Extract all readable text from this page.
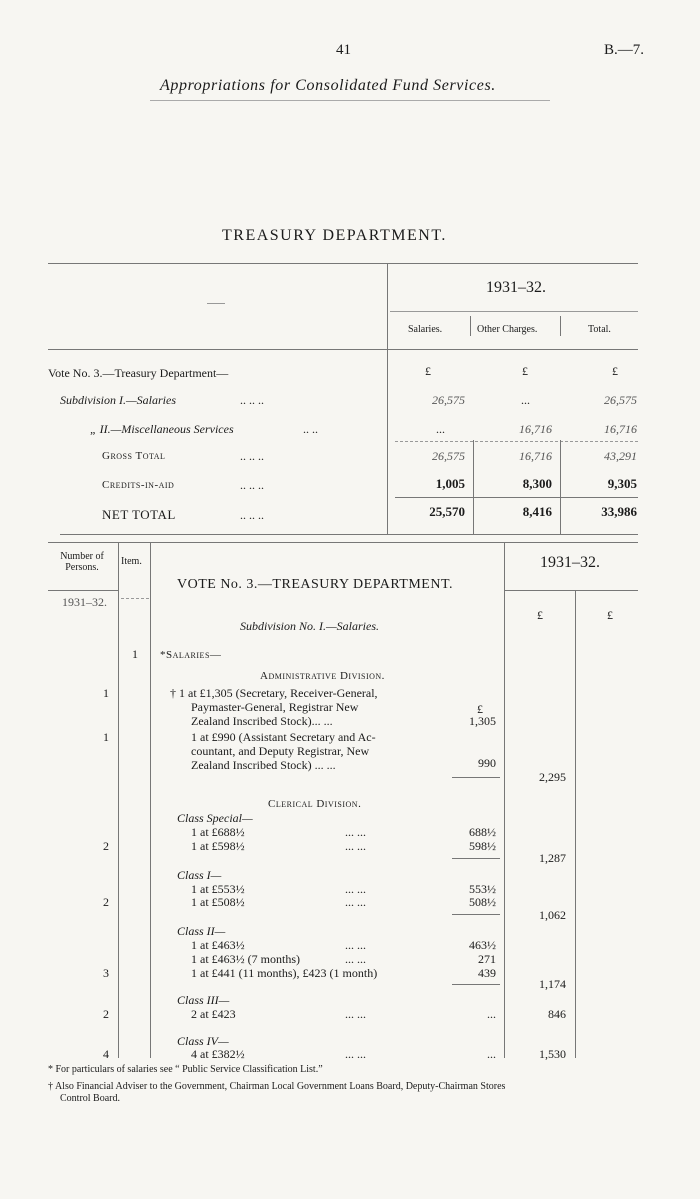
41	B.—7.
Appropriations for Consolidated Fund Services.
TREASURY DEPARTMENT.
1931–32.
Salaries.	Other Charges.	Total.
Vote No. 3.—Treasury Department—	£	£	£
Subdivision I.—Salaries	.. .. ..	26,575	...	26,575
„ II.—Miscellaneous Services	.. ..	...	16,716	16,716
Gross Total	.. .. ..	26,575	16,716	43,291
Credits-in-aid	.. .. ..	1,005	8,300	9,305
NET TOTAL	.. .. ..	25,570	8,416	33,986
Number of Persons.
Item.
1931–32.
VOTE No. 3.—TREASURY DEPARTMENT.
1931–32.
£	£
Subdivision No. I.—Salaries.
1 *Salaries—
Administrative Division.
1	† 1 at £1,305 (Secretary, Receiver-General,
Paymaster-General, Registrar New
Zealand Inscribed Stock)... ...
£
1,305
1	1 at £990 (Assistant Secretary and Ac-
countant, and Deputy Registrar, New
Zealand Inscribed Stock) ... ...	990
2,295
Clerical Division.
Class Special—
1 at £688½	... ...	688½
2	1 at £598½	... ...	598½
1,287
Class I—
1 at £553½	... ...	553½
2	1 at £508½	... ...	508½
1,062
Class II—
1 at £463½	... ...	463½
1 at £463½ (7 months)	... ...	271
3	1 at £441 (11 months), £423 (1 month)	439
1,174
Class III—
2	2 at £423	... ...	...	846
Class IV—
4	4 at £382½	... ...	...	1,530
* For particulars of salaries see “ Public Service Classification List.”
† Also Financial Adviser to the Government, Chairman Local Government Loans Board, Deputy-Chairman Stores
Control Board.
